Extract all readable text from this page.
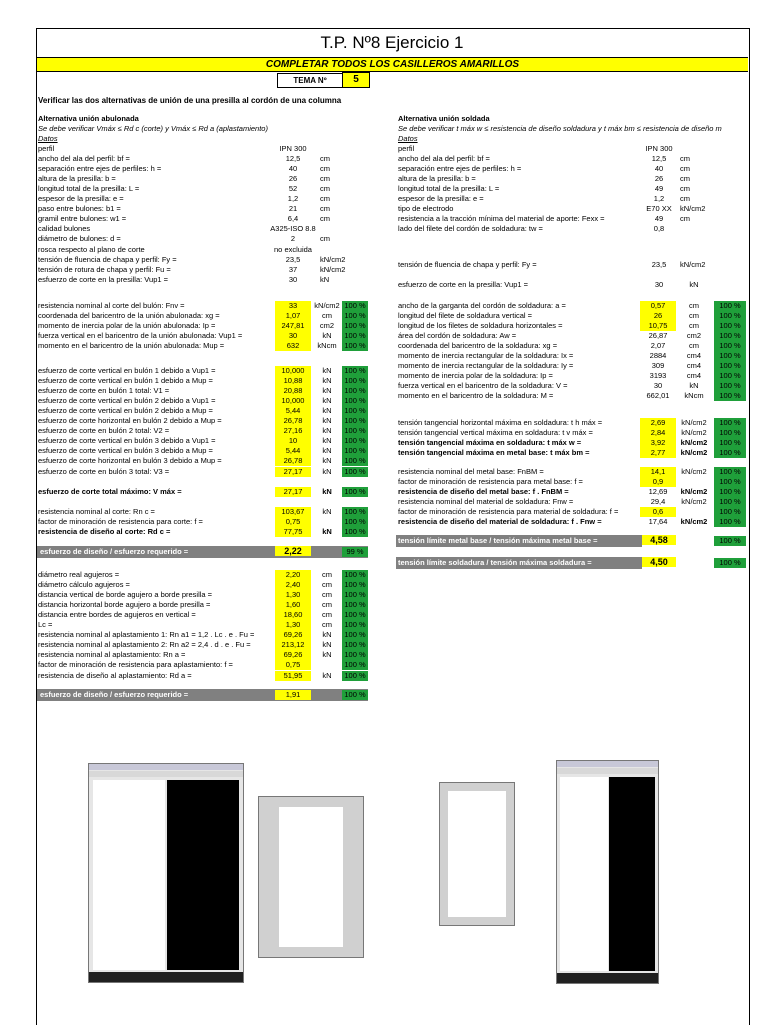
T.P. Nº8 Ejercicio 1
COMPLETAR TODOS LOS CASILLEROS AMARILLOS
TEMA Nº	5
Verificar las dos alternativas de unión de una presilla al cordón de una columna
Alternativa unión abulonada
Se debe verificar Vmáx ≤ Rd c (corte) y Vmáx ≤ Rd a (aplastamiento)
Datos
perfil	IPN 300
ancho del ala del perfil: bf =	12,5	cm
separación entre ejes de perfiles: h =	40	cm
altura de la presilla: b =	26	cm
longitud total de la presilla: L =	52	cm
espesor de la presilla: e =	1,2	cm
paso entre bulones: b1 =	21	cm
gramil entre bulones: w1 =	6,4	cm
calidad bulones	A325-ISO 8.8
diámetro de bulones: d =	2	cm
rosca respecto al plano de corte	no excluida
tensión de fluencia de chapa y perfil: Fy =	23,5	kN/cm2
tensión de rotura de chapa y perfil: Fu =	37	kN/cm2
esfuerzo de corte en la presilla: Vup1 =	30	kN
resistencia nominal al corte del bulón: Fnv =	33	kN/cm2 100 %
coordenada del baricentro de la unión abulonada: xg =	1,07	cm	100 %
momento de inercia polar de la unión abulonada: Ip =	247,81	cm2	100 %
fuerza vertical en el baricentro de la unión abulonada: Vup1 =	30	kN	100 %
momento en el baricentro de la unión abulonada: Mup =	632	kNcm	100 %
esfuerzo de corte vertical en bulón 1 debido a Vup1 =	10,000	kN	100 %
esfuerzo de corte vertical en bulón 1 debido a Mup =	10,88	kN	100 %
esfuerzo de corte en bulón 1 total: V1 =	20,88	kN	100 %
esfuerzo de corte vertical en bulón 2 debido a Vup1 =	10,000	kN	100 %
esfuerzo de corte vertical en bulón 2 debido a Mup =	5,44	kN	100 %
esfuerzo de corte horizontal en bulón 2 debido a Mup =	26,78	kN	100 %
esfuerzo de corte en bulón 2 total: V2 =	27,16	kN	100 %
esfuerzo de corte vertical en bulón 3 debido a Vup1 =	10	kN	100 %
esfuerzo de corte vertical en bulón 3 debido a Mup =	5,44	kN	100 %
esfuerzo de corte horizontal en bulón 3 debido a Mup =	26,78	kN	100 %
esfuerzo de corte en bulón 3 total: V3 =	27,17	kN	100 %
esfuerzo de corte total máximo: V máx =	27,17	kN	100 %
resistencia nominal al corte: Rn c =	103,67	kN	100 %
factor de minoración de resistencia para corte: f =	0,75	100 %
resistencia de diseño al corte: Rd c =	77,75	kN	100 %
esfuerzo de diseño / esfuerzo requerido =	2,22	99 %
diámetro real agujeros =	2,20	cm	100 %
diámetro cálculo agujeros =	2,40	cm	100 %
distancia vertical de borde agujero a borde presilla =	1,30	cm	100 %
distancia horizontal borde agujero a borde presilla =	1,60	cm	100 %
distancia entre bordes de agujeros en vertical =	18,60	cm	100 %
Lc =	1,30	cm	100 %
resistencia nominal al aplastamiento 1: Rn a1 = 1,2 . Lc . e . Fu =	69,26	kN	100 %
resistencia nominal al aplastamiento 2: Rn a2 = 2,4 . d . e . Fu =	213,12	kN	100 %
resistencia nominal al aplastamiento: Rn a =	69,26	kN	100 %
factor de minoración de resistencia para aplastamiento: f =	0,75	100 %
resistencia de diseño al aplastamiento: Rd a =	51,95	kN	100 %
esfuerzo de diseño / esfuerzo requerido =	1,91	100 %
Alternativa unión soldada
Se debe verificar t máx w ≤ resistencia de diseño soldadura y t máx bm ≤ resistencia de diseño m
Datos
perfil	IPN 300
ancho del ala del perfil: bf =	12,5	cm
separación entre ejes de perfiles: h =	40	cm
altura de la presilla: b =	26	cm
longitud total de la presilla: L =	49	cm
espesor de la presilla: e =	1,2	cm
tipo de electrodo	E70 XX	kN/cm2
resistencia a la tracción mínima del material de aporte: Fexx =	49	cm
lado del filete del cordón de soldadura: tw =	0,8
tensión de fluencia de chapa y perfil: Fy =	23,5	kN/cm2
esfuerzo de corte en la presilla: Vup1 =	30	kN
ancho de la garganta del cordón de soldadura: a =	0,57	cm	100 %
longitud del filete de soldadura vertical =	26	cm	100 %
longitud de los filetes de soldadura horizontales =	10,75	cm	100 %
área del cordón de soldadura: Aw =	26,87	cm2	100 %
coordenada del baricentro de la soldadura: xg =	2,07	cm	100 %
momento de inercia rectangular de la soldadura: Ix =	2884	cm4	100 %
momento de inercia rectangular de la soldadura: Iy =	309	cm4	100 %
momento de inercia polar de la soldadura: Ip =	3193	cm4	100 %
fuerza vertical en el baricentro de la soldadura: V =	30	kN	100 %
momento en el baricentro de la soldadura: M =	662,01	kNcm	100 %
tensión tangencial horizontal máxima en soldadura: t h máx =	2,69	kN/cm2	100 %
tensión tangencial vertical máxima en soldadura: t v máx =	2,84	kN/cm2	100 %
tensión tangencial máxima en soldadura: t máx w =	3,92	kN/cm2	100 %
tensión tangencial máxima en metal base: t máx bm =	2,77	kN/cm2	100 %
resistencia nominal del metal base: FnBM =	14,1	kN/cm2	100 %
factor de minoración de resistencia para metal base: f =	0,9	100 %
resistencia de diseño del metal base: f . FnBM =	12,69	kN/cm2	100 %
resistencia nominal del material de soldadura: Fnw =	29,4	kN/cm2	100 %
factor de minoración de resistencia para material de soldadura: f =	0,6	100 %
resistencia de diseño del material de soldadura: f . Fnw =	17,64	kN/cm2	100 %
tensión límite metal base / tensión máxima metal base =	4,58	100 %
tensión límite soldadura / tensión máxima soldadura =	4,50	100 %
